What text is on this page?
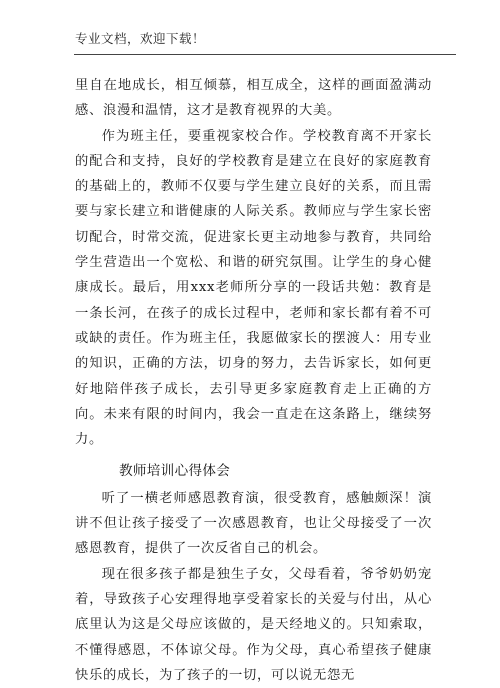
专业文档，欢迎下载！

里自在地成长，相互倾慕，相互成全，这样的画面盈满动感、浪漫和温情，这才是教育视界的大美。

作为班主任，要重视家校合作。学校教育离不开家长的配合和支持，良好的学校教育是建立在良好的家庭教育的基础上的，教师不仅要与学生建立良好的关系，而且需要与家长建立和谐健康的人际关系。教师应与学生家长密切配合，时常交流，促进家长更主动地参与教育，共同给学生营造出一个宽松、和谐的研究氛围。让学生的身心健康成长。最后，用xxx老师所分享的一段话共勉：教育是一条长河，在孩子的成长过程中，老师和家长都有着不可或缺的责任。作为班主任，我愿做家长的摆渡人：用专业的知识，正确的方法，切身的努力，去告诉家长，如何更好地陪伴孩子成长，去引导更多家庭教育走上正确的方向。未来有限的时间内，我会一直走在这条路上，继续努力。

教师培训心得体会

听了一横老师感恩教育演，很受教育，感触颇深！演讲不但让孩子接受了一次感恩教育，也让父母接受了一次感恩教育，提供了一次反省自己的机会。

现在很多孩子都是独生子女，父母看着，爷爷奶奶宠着，导致孩子心安理得地享受着家长的关爱与付出，从心底里认为这是父母应该做的，是天经地义的。只知索取，不懂得感恩，不体谅父母。作为父母，真心希望孩子健康快乐的成长，为了孩子的一切，可以说无怨无
